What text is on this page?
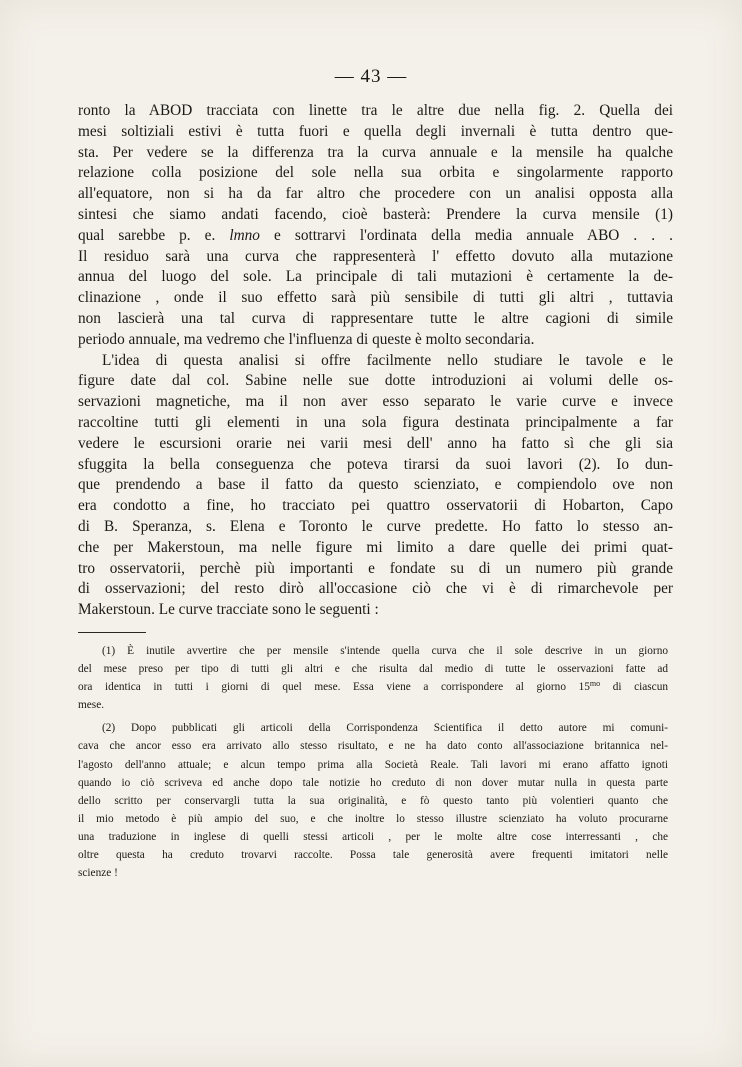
— 43 —

ronto la ABOD tracciata con linette tra le altre due nella fig. 2. Quella dei

mesi soltiziali estivi è tutta fuori e quella degli invernali è tutta dentro que-

sta. Per vedere se la differenza tra la curva annuale e la mensile ha qualche

relazione colla posizione del sole nella sua orbita e singolarmente rapporto

all'equatore, non si ha da far altro che procedere con un analisi opposta alla

sintesi che siamo andati facendo, cioè basterà: Prendere la curva mensile (1)

qual sarebbe p. e. lmno e sottrarvi l'ordinata della media annuale ABO . . .

Il residuo sarà una curva che rappresenterà l' effetto dovuto alla mutazione

annua del luogo del sole. La principale di tali mutazioni è certamente la de-

clinazione , onde il suo effetto sarà più sensibile di tutti gli altri , tuttavia

non lascierà una tal curva di rappresentare tutte le altre cagioni di simile

periodo annuale, ma vedremo che l'influenza di queste è molto secondaria.

L'idea di questa analisi si offre facilmente nello studiare le tavole e le

figure date dal col. Sabine nelle sue dotte introduzioni ai volumi delle os-

servazioni magnetiche, ma il non aver esso separato le varie curve e invece

raccoltine tutti gli elementi in una sola figura destinata principalmente a far

vedere le escursioni orarie nei varii mesi dell' anno ha fatto sì che gli sia

sfuggita la bella conseguenza che poteva tirarsi da suoi lavori (2). Io dun-

que prendendo a base il fatto da questo scienziato, e compiendolo ove non

era condotto a fine, ho tracciato pei quattro osservatorii di Hobarton, Capo

di B. Speranza, s. Elena e Toronto le curve predette. Ho fatto lo stesso an-

che per Makerstoun, ma nelle figure mi limito a dare quelle dei primi quat-

tro osservatorii, perchè più importanti e fondate su di un numero più grande

di osservazioni; del resto dirò all'occasione ciò che vi è di rimarchevole per

Makerstoun. Le curve tracciate sono le seguenti :

(1) È inutile avvertire che per mensile s'intende quella curva che il sole descrive in un giorno

del mese preso per tipo di tutti gli altri e che risulta dal medio di tutte le osservazioni fatte ad

ora identica in tutti i giorni di quel mese. Essa viene a corrispondere al giorno $15^{mo}$ di ciascun

mese.

(2) Dopo pubblicati gli articoli della Corrispondenza Scientifica il detto autore mi comuni-

cava che ancor esso era arrivato allo stesso risultato, e ne ha dato conto all'associazione britannica nel-

l'agosto dell'anno attuale; e alcun tempo prima alla Società Reale. Tali lavori mi erano affatto ignoti

quando io ciò scriveva ed anche dopo tale notizie ho creduto di non dover mutar nulla in questa parte

dello scritto per conservargli tutta la sua originalità, e fò questo tanto più volentieri quanto che

il mio metodo è più ampio del suo, e che inoltre lo stesso illustre scienziato ha voluto procurarne

una traduzione in inglese di quelli stessi articoli , per le molte altre cose interressanti , che

oltre questa ha creduto trovarvi raccolte. Possa tale generosità avere frequenti imitatori nelle

scienze !
